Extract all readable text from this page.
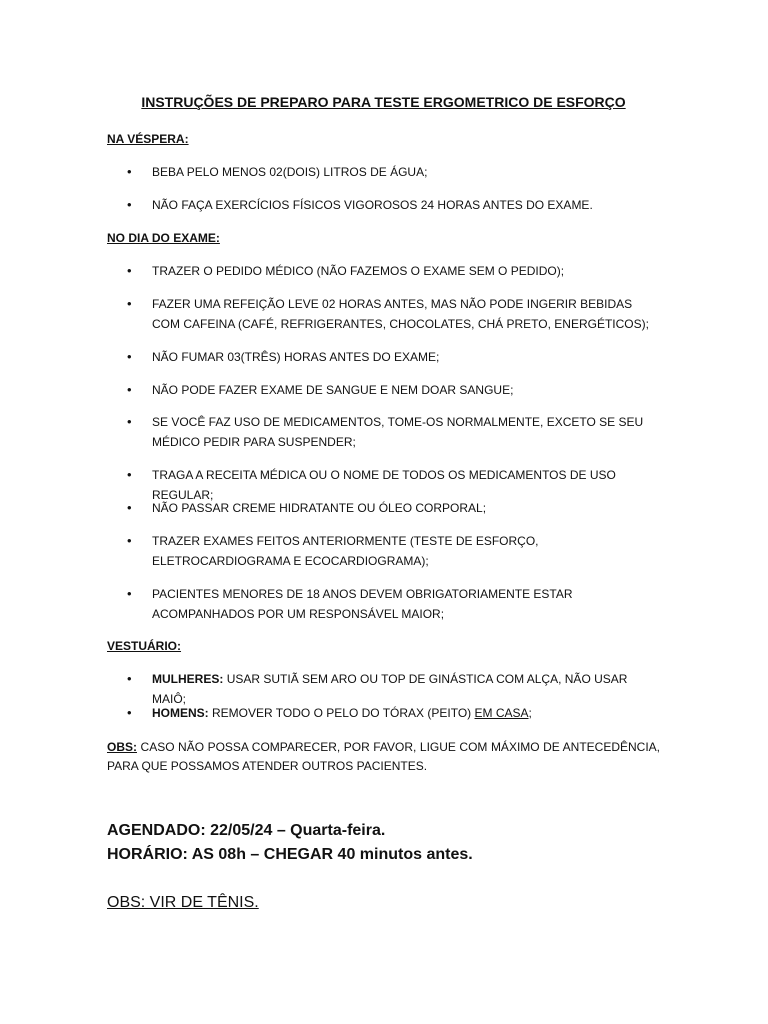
INSTRUÇÕES DE PREPARO PARA TESTE ERGOMETRICO DE ESFORÇO
NA VÉSPERA:
• BEBA PELO MENOS 02(DOIS) LITROS DE ÁGUA;
• NÃO FAÇA EXERCÍCIOS FÍSICOS VIGOROSOS 24 HORAS ANTES DO EXAME.
NO DIA DO EXAME:
• TRAZER O PEDIDO MÉDICO (NÃO FAZEMOS O EXAME SEM O PEDIDO);
• FAZER UMA REFEIÇÃO LEVE 02 HORAS ANTES, MAS NÃO PODE INGERIR BEBIDAS COM CAFEINA (CAFÉ, REFRIGERANTES, CHOCOLATES, CHÁ PRETO, ENERGÉTICOS);
• NÃO FUMAR 03(TRÊS) HORAS ANTES DO EXAME;
• NÃO PODE FAZER EXAME DE SANGUE E NEM DOAR SANGUE;
• SE VOCÊ FAZ USO DE MEDICAMENTOS, TOME-OS NORMALMENTE, EXCETO SE SEU MÉDICO PEDIR PARA SUSPENDER;
• TRAGA A RECEITA MÉDICA OU O NOME DE TODOS OS MEDICAMENTOS DE USO REGULAR;
• NÃO PASSAR CREME HIDRATANTE OU ÓLEO CORPORAL;
• TRAZER EXAMES FEITOS ANTERIORMENTE (TESTE DE ESFORÇO, ELETROCARDIOGRAMA E ECOCARDIOGRAMA);
• PACIENTES MENORES DE 18 ANOS DEVEM OBRIGATORIAMENTE ESTAR ACOMPANHADOS POR UM RESPONSÁVEL MAIOR;
VESTUÁRIO:
• MULHERES: USAR SUTIÃ SEM ARO OU TOP DE GINÁSTICA COM ALÇA, NÃO USAR MAIÔ;
• HOMENS: REMOVER TODO O PELO DO TÓRAX (PEITO) EM CASA;
OBS: CASO NÃO POSSA COMPARECER, POR FAVOR, LIGUE COM MÁXIMO DE ANTECEDÊNCIA, PARA QUE POSSAMOS ATENDER OUTROS PACIENTES.
AGENDADO: 22/05/24 – Quarta-feira.
HORÁRIO: AS 08h – CHEGAR 40 minutos antes.
OBS: VIR DE TÊNIS.
